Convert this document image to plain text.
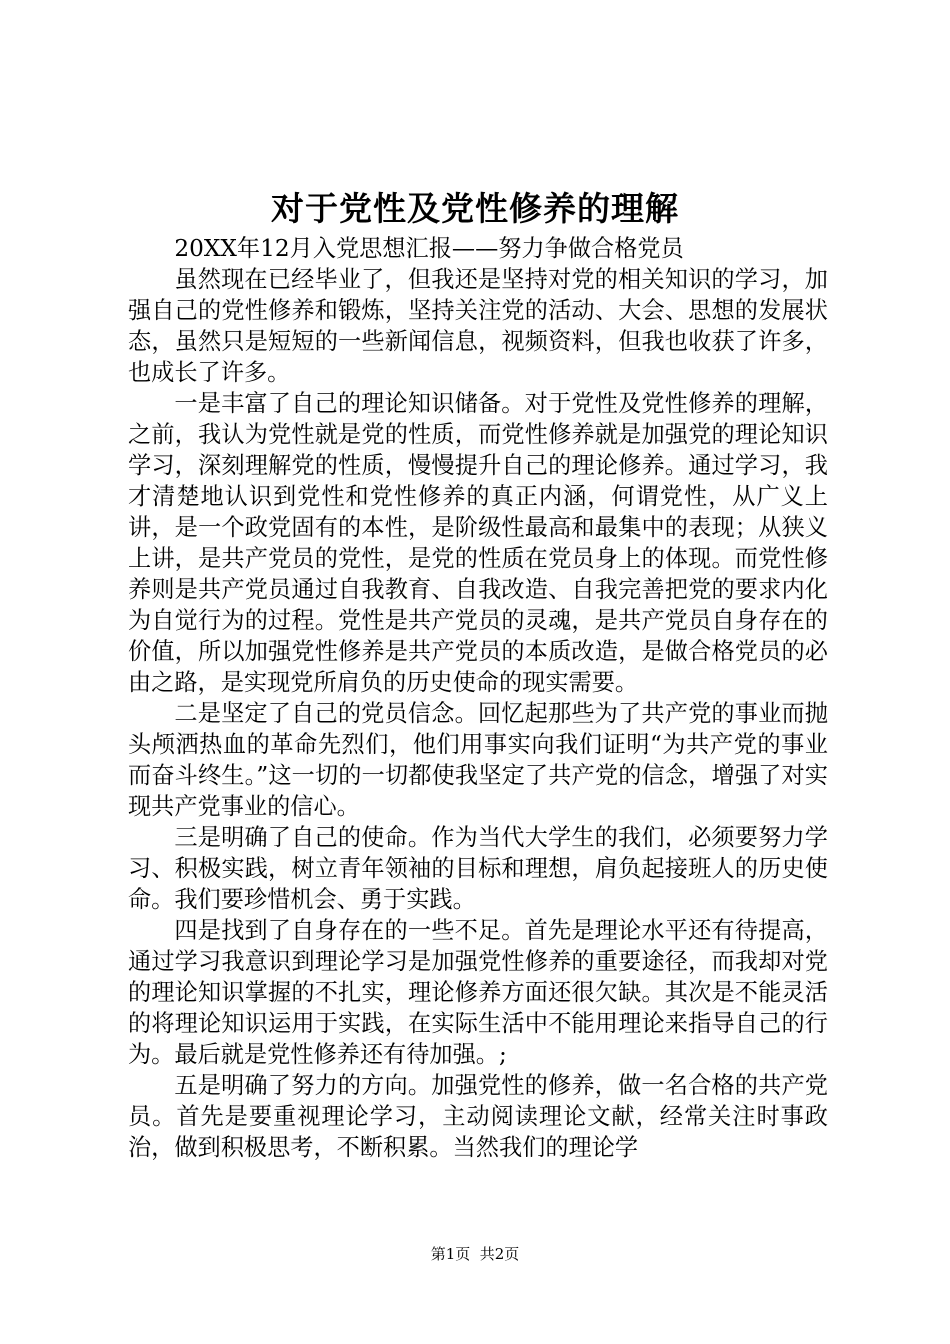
对于党性及党性修养的理解

20XX年12月入党思想汇报——努力争做合格党员

虽然现在已经毕业了，但我还是坚持对党的相关知识的学习，加强自己的党性修养和锻炼，坚持关注党的活动、大会、思想的发展状态，虽然只是短短的一些新闻信息，视频资料，但我也收获了许多，也成长了许多。

一是丰富了自己的理论知识储备。对于党性及党性修养的理解，之前，我认为党性就是党的性质，而党性修养就是加强党的理论知识学习，深刻理解党的性质，慢慢提升自己的理论修养。通过学习，我才清楚地认识到党性和党性修养的真正内涵，何谓党性，从广义上讲，是一个政党固有的本性，是阶级性最高和最集中的表现；从狭义上讲，是共产党员的党性，是党的性质在党员身上的体现。而党性修养则是共产党员通过自我教育、自我改造、自我完善把党的要求内化为自觉行为的过程。党性是共产党员的灵魂，是共产党员自身存在的价值，所以加强党性修养是共产党员的本质改造，是做合格党员的必由之路，是实现党所肩负的历史使命的现实需要。

二是坚定了自己的党员信念。回忆起那些为了共产党的事业而抛头颅洒热血的革命先烈们，他们用事实向我们证明“为共产党的事业而奋斗终生。”这一切的一切都使我坚定了共产党的信念，增强了对实现共产党事业的信心。

三是明确了自己的使命。作为当代大学生的我们，必须要努力学习、积极实践，树立青年领袖的目标和理想，肩负起接班人的历史使命。我们要珍惜机会、勇于实践。

四是找到了自身存在的一些不足。首先是理论水平还有待提高，通过学习我意识到理论学习是加强党性修养的重要途径，而我却对党的理论知识掌握的不扎实，理论修养方面还很欠缺。其次是不能灵活的将理论知识运用于实践，在实际生活中不能用理论来指导自己的行为。最后就是党性修养还有待加强。;

五是明确了努力的方向。加强党性的修养，做一名合格的共产党员。首先是要重视理论学习，主动阅读理论文献，经常关注时事政治，做到积极思考，不断积累。当然我们的理论学

第1页  共2页
